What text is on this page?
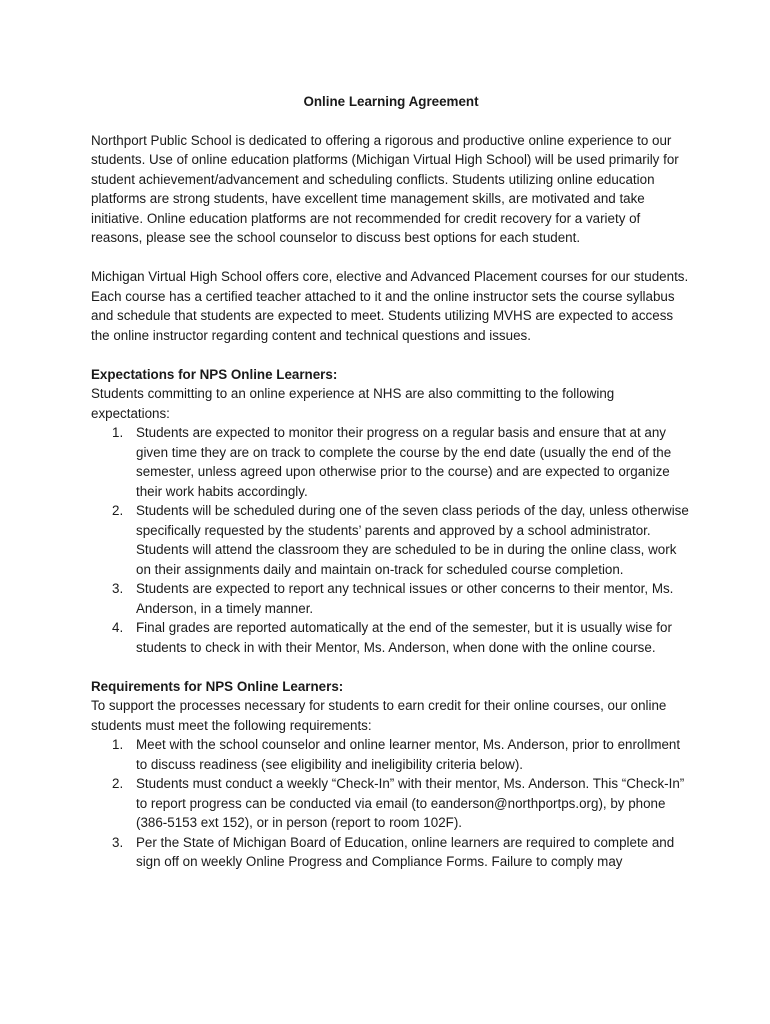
Online Learning Agreement

Northport Public School is dedicated to offering a rigorous and productive online experience to our students. Use of online education platforms (Michigan Virtual High School) will be used primarily for student achievement/advancement and scheduling conflicts. Students utilizing online education platforms are strong students, have excellent time management skills, are motivated and take initiative. Online education platforms are not recommended for credit recovery for a variety of reasons, please see the school counselor to discuss best options for each student.

Michigan Virtual High School offers core, elective and Advanced Placement courses for our students. Each course has a certified teacher attached to it and the online instructor sets the course syllabus and schedule that students are expected to meet. Students utilizing MVHS are expected to access the online instructor regarding content and technical questions and issues.

Expectations for NPS Online Learners:
Students committing to an online experience at NHS are also committing to the following expectations:
1. Students are expected to monitor their progress on a regular basis and ensure that at any given time they are on track to complete the course by the end date (usually the end of the semester, unless agreed upon otherwise prior to the course) and are expected to organize their work habits accordingly.
2. Students will be scheduled during one of the seven class periods of the day, unless otherwise specifically requested by the students’ parents and approved by a school administrator. Students will attend the classroom they are scheduled to be in during the online class, work on their assignments daily and maintain on-track for scheduled course completion.
3. Students are expected to report any technical issues or other concerns to their mentor, Ms. Anderson, in a timely manner.
4. Final grades are reported automatically at the end of the semester, but it is usually wise for students to check in with their Mentor, Ms. Anderson, when done with the online course.
Requirements for NPS Online Learners:
To support the processes necessary for students to earn credit for their online courses, our online students must meet the following requirements:
1. Meet with the school counselor and online learner mentor, Ms. Anderson, prior to enrollment to discuss readiness (see eligibility and ineligibility criteria below).
2. Students must conduct a weekly “Check-In” with their mentor, Ms. Anderson. This “Check-In” to report progress can be conducted via email (to eanderson@northportps.org), by phone (386-5153 ext 152), or in person (report to room 102F).
3. Per the State of Michigan Board of Education, online learners are required to complete and sign off on weekly Online Progress and Compliance Forms. Failure to comply may
